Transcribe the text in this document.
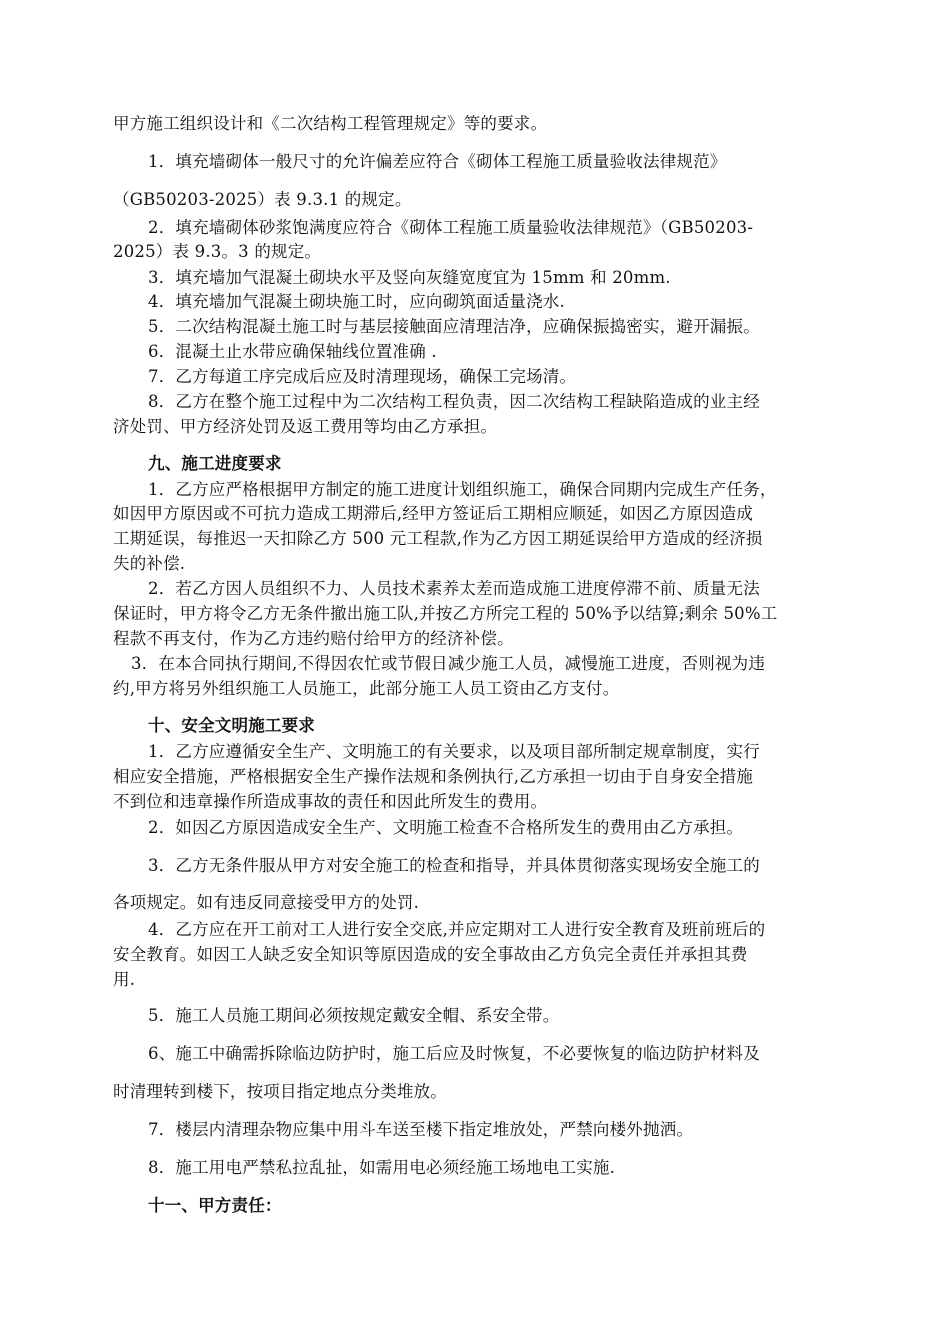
甲方施工组织设计和《二次结构工程管理规定》等的要求。
1．填充墙砌体一般尺寸的允许偏差应符合《砌体工程施工质量验收法律规范》
（GB50203-2025）表 9.3.1 的规定。
2．填充墙砌体砂浆饱满度应符合《砌体工程施工质量验收法律规范》（GB50203-
2025）表 9.3。3 的规定。
3．填充墙加气混凝土砌块水平及竖向灰缝宽度宜为 15mm 和 20mm.
4．填充墙加气混凝土砌块施工时，应向砌筑面适量浇水.
5．二次结构混凝土施工时与基层接触面应清理洁净，应确保振捣密实，避开漏振。
6．混凝土止水带应确保轴线位置准确 .
7．乙方每道工序完成后应及时清理现场，确保工完场清。
8．乙方在整个施工过程中为二次结构工程负责，因二次结构工程缺陷造成的业主经
济处罚、甲方经济处罚及返工费用等均由乙方承担。
九、施工进度要求
1．乙方应严格根据甲方制定的施工进度计划组织施工，确保合同期内完成生产任务，
如因甲方原因或不可抗力造成工期滞后,经甲方签证后工期相应顺延，如因乙方原因造成
工期延误，每推迟一天扣除乙方 500 元工程款,作为乙方因工期延误给甲方造成的经济损
失的补偿.
2．若乙方因人员组织不力、人员技术素养太差而造成施工进度停滞不前、质量无法
保证时，甲方将令乙方无条件撤出施工队,并按乙方所完工程的 50%予以结算;剩余 50%工
程款不再支付，作为乙方违约赔付给甲方的经济补偿。
3．在本合同执行期间,不得因农忙或节假日减少施工人员，减慢施工进度，否则视为违
约,甲方将另外组织施工人员施工，此部分施工人员工资由乙方支付。
十、安全文明施工要求
1．乙方应遵循安全生产、文明施工的有关要求，以及项目部所制定规章制度，实行
相应安全措施，严格根据安全生产操作法规和条例执行,乙方承担一切由于自身安全措施
不到位和违章操作所造成事故的责任和因此所发生的费用。
2．如因乙方原因造成安全生产、文明施工检查不合格所发生的费用由乙方承担。
3．乙方无条件服从甲方对安全施工的检查和指导，并具体贯彻落实现场安全施工的
各项规定。如有违反同意接受甲方的处罚.
4．乙方应在开工前对工人进行安全交底,并应定期对工人进行安全教育及班前班后的
安全教育。如因工人缺乏安全知识等原因造成的安全事故由乙方负完全责任并承担其费
用.
5．施工人员施工期间必须按规定戴安全帽、系安全带。
6、施工中确需拆除临边防护时，施工后应及时恢复，不必要恢复的临边防护材料及
时清理转到楼下，按项目指定地点分类堆放。
7．楼层内清理杂物应集中用斗车送至楼下指定堆放处，严禁向楼外抛洒。
8．施工用电严禁私拉乱扯，如需用电必须经施工场地电工实施.
十一、甲方责任：
